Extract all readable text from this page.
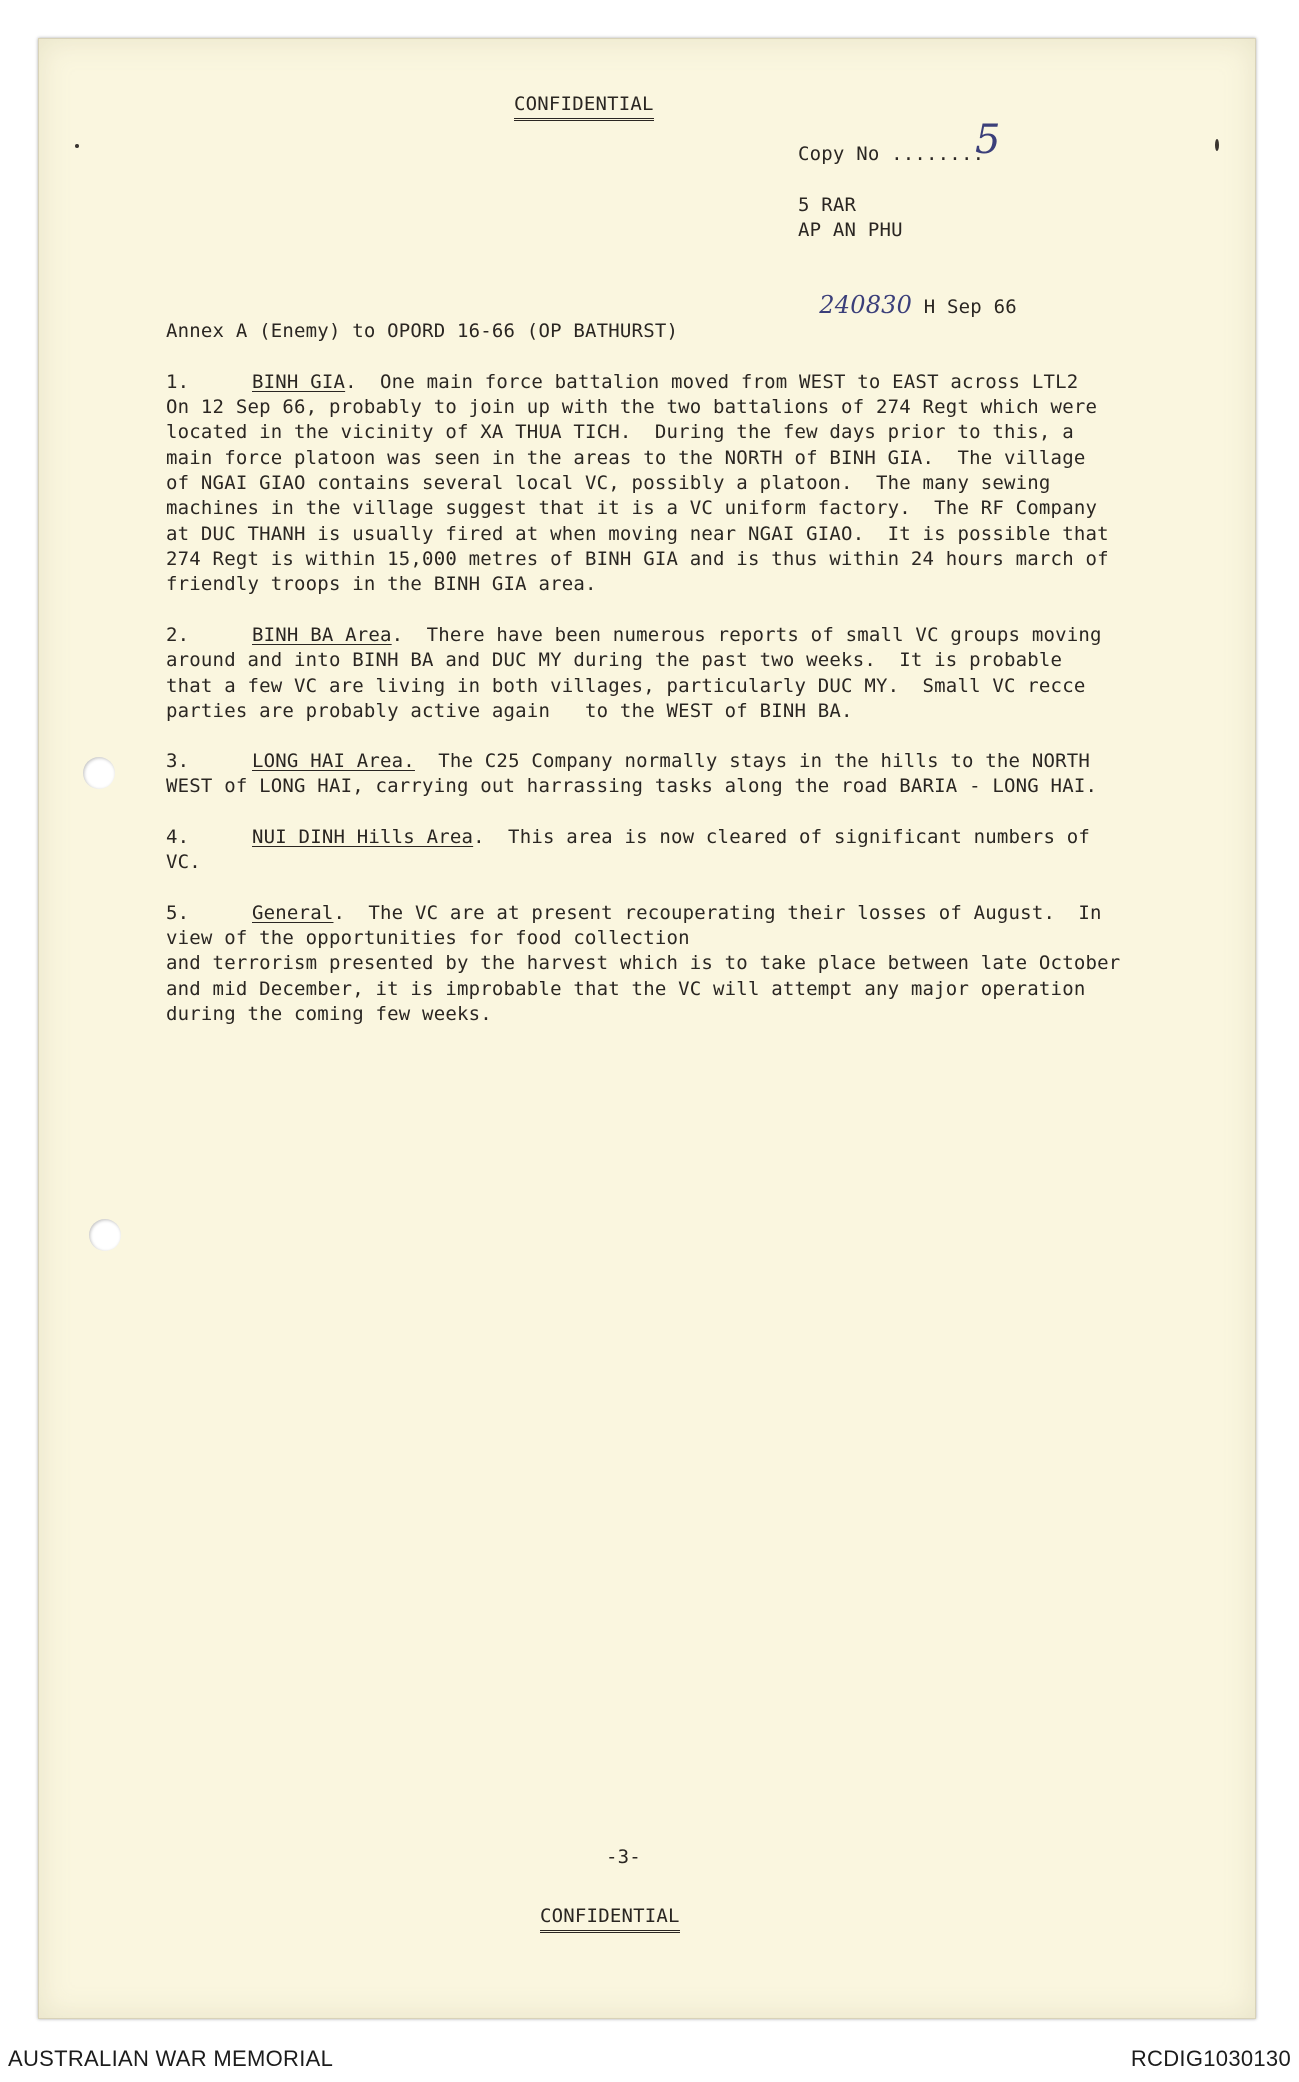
CONFIDENTIAL
Copy No ........
5
5 RAR
AP AN PHU

240830 H Sep 66

Annex A (Enemy) to OPORD 16-66 (OP BATHURST)
1.	BINH GIA.  One main force battalion moved from WEST to EAST across LTL2
On 12 Sep 66, probably to join up with the two battalions of 274 Regt which were
located in the vicinity of XA THUA TICH.  During the few days prior to this, a
main force platoon was seen in the areas to the NORTH of BINH GIA.  The village
of NGAI GIAO contains several local VC, possibly a platoon.  The many sewing
machines in the village suggest that it is a VC uniform factory.  The RF Company
at DUC THANH is usually fired at when moving near NGAI GIAO.  It is possible that
274 Regt is within 15,000 metres of BINH GIA and is thus within 24 hours march of
friendly troops in the BINH GIA area.
2.	BINH BA Area.  There have been numerous reports of small VC groups moving
around and into BINH BA and DUC MY during the past two weeks.  It is probable
that a few VC are living in both villages, particularly DUC MY.  Small VC recce
parties are probably active again   to the WEST of BINH BA.
3.	LONG HAI Area.  The C25 Company normally stays in the hills to the NORTH
WEST of LONG HAI, carrying out harrassing tasks along the road BARIA - LONG HAI.
4.	NUI DINH Hills Area.  This area is now cleared of significant numbers of
VC.
5.	General.  The VC are at present recouperating their losses of August.  In
view of the opportunities for food collection
and terrorism presented by the harvest which is to take place between late October
and mid December, it is improbable that the VC will attempt any major operation
during the coming few weeks.
-3-
CONFIDENTIAL
AUSTRALIAN WAR MEMORIAL	RCDIG1030130
